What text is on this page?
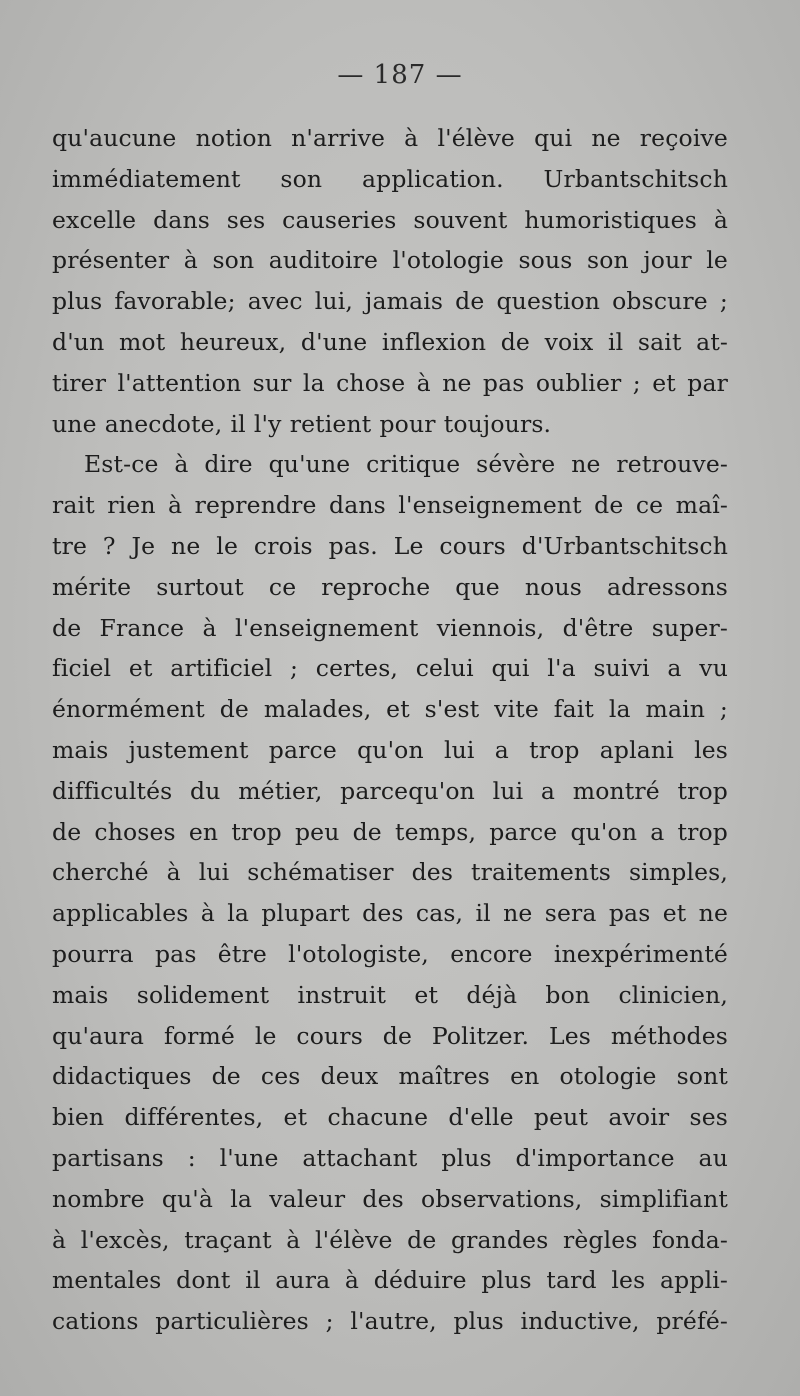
— 187 —
qu'aucune notion n'arrive à l'élève qui ne reçoive
immédiatement son application. Urbantschitsch
excelle dans ses causeries souvent humoristiques à
présenter à son auditoire l'otologie sous son jour le
plus favorable; avec lui, jamais de question obscure ;
d'un mot heureux, d'une inflexion de voix il sait at-
tirer l'attention sur la chose à ne pas oublier ; et par
une anecdote, il l'y retient pour toujours.
Est-ce à dire qu'une critique sévère ne retrouve-
rait rien à reprendre dans l'enseignement de ce maî-
tre ? Je ne le crois pas. Le cours d'Urbantschitsch
mérite surtout ce reproche que nous adressons
de France à l'enseignement viennois, d'être super-
ficiel et artificiel ; certes, celui qui l'a suivi a vu
énormément de malades, et s'est vite fait la main ;
mais justement parce qu'on lui a trop aplani les
difficultés du métier, parcequ'on lui a montré trop
de choses en trop peu de temps, parce qu'on a trop
cherché à lui schématiser des traitements simples,
applicables à la plupart des cas, il ne sera pas et ne
pourra pas être l'otologiste, encore inexpérimenté
mais solidement instruit et déjà bon clinicien,
qu'aura formé le cours de Politzer. Les méthodes
didactiques de ces deux maîtres en otologie sont
bien différentes, et chacune d'elle peut avoir ses
partisans : l'une attachant plus d'importance au
nombre qu'à la valeur des observations, simplifiant
à l'excès, traçant à l'élève de grandes règles fonda-
mentales dont il aura à déduire plus tard les appli-
cations particulières ; l'autre, plus inductive, préfé-
